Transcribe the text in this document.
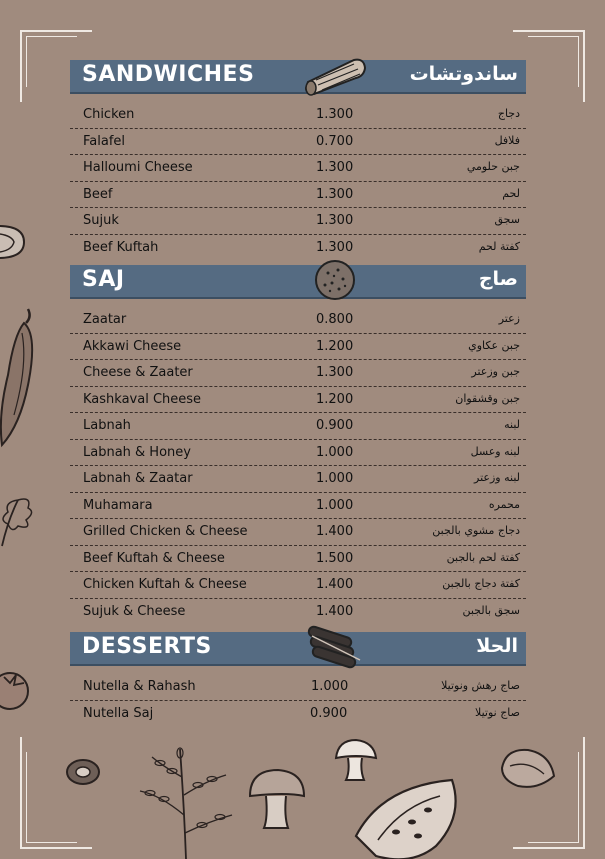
SANDWICHES	ساندوتشات
Chicken	1.300	دجاج
Falafel	0.700	فلافل
Halloumi Cheese	1.300	جبن حلومي
Beef	1.300	لحم
Sujuk	1.300	سجق
Beef Kuftah	1.300	كفتة لحم
SAJ	صاج
Zaatar	0.800	زعتر
Akkawi Cheese	1.200	جبن عكاوي
Cheese & Zaater	1.300	جبن وزعتر
Kashkaval Cheese	1.200	جبن وقشقوان
Labnah	0.900	لبنه
Labnah & Honey	1.000	لبنه وعسل
Labnah & Zaatar	1.000	لبنه وزعتر
Muhamara	1.000	محمره
Grilled Chicken & Cheese	1.400	دجاج مشوي بالجبن
Beef Kuftah & Cheese	1.500	كفتة لحم بالجبن
Chicken Kuftah & Cheese	1.400	كفتة دجاج بالجبن
Sujuk & Cheese	1.400	سجق بالجبن
DESSERTS	الحلا
Nutella & Rahash	1.000	صاج رهش ونوتيلا
Nutella Saj	0.900	صاج نوتيلا
